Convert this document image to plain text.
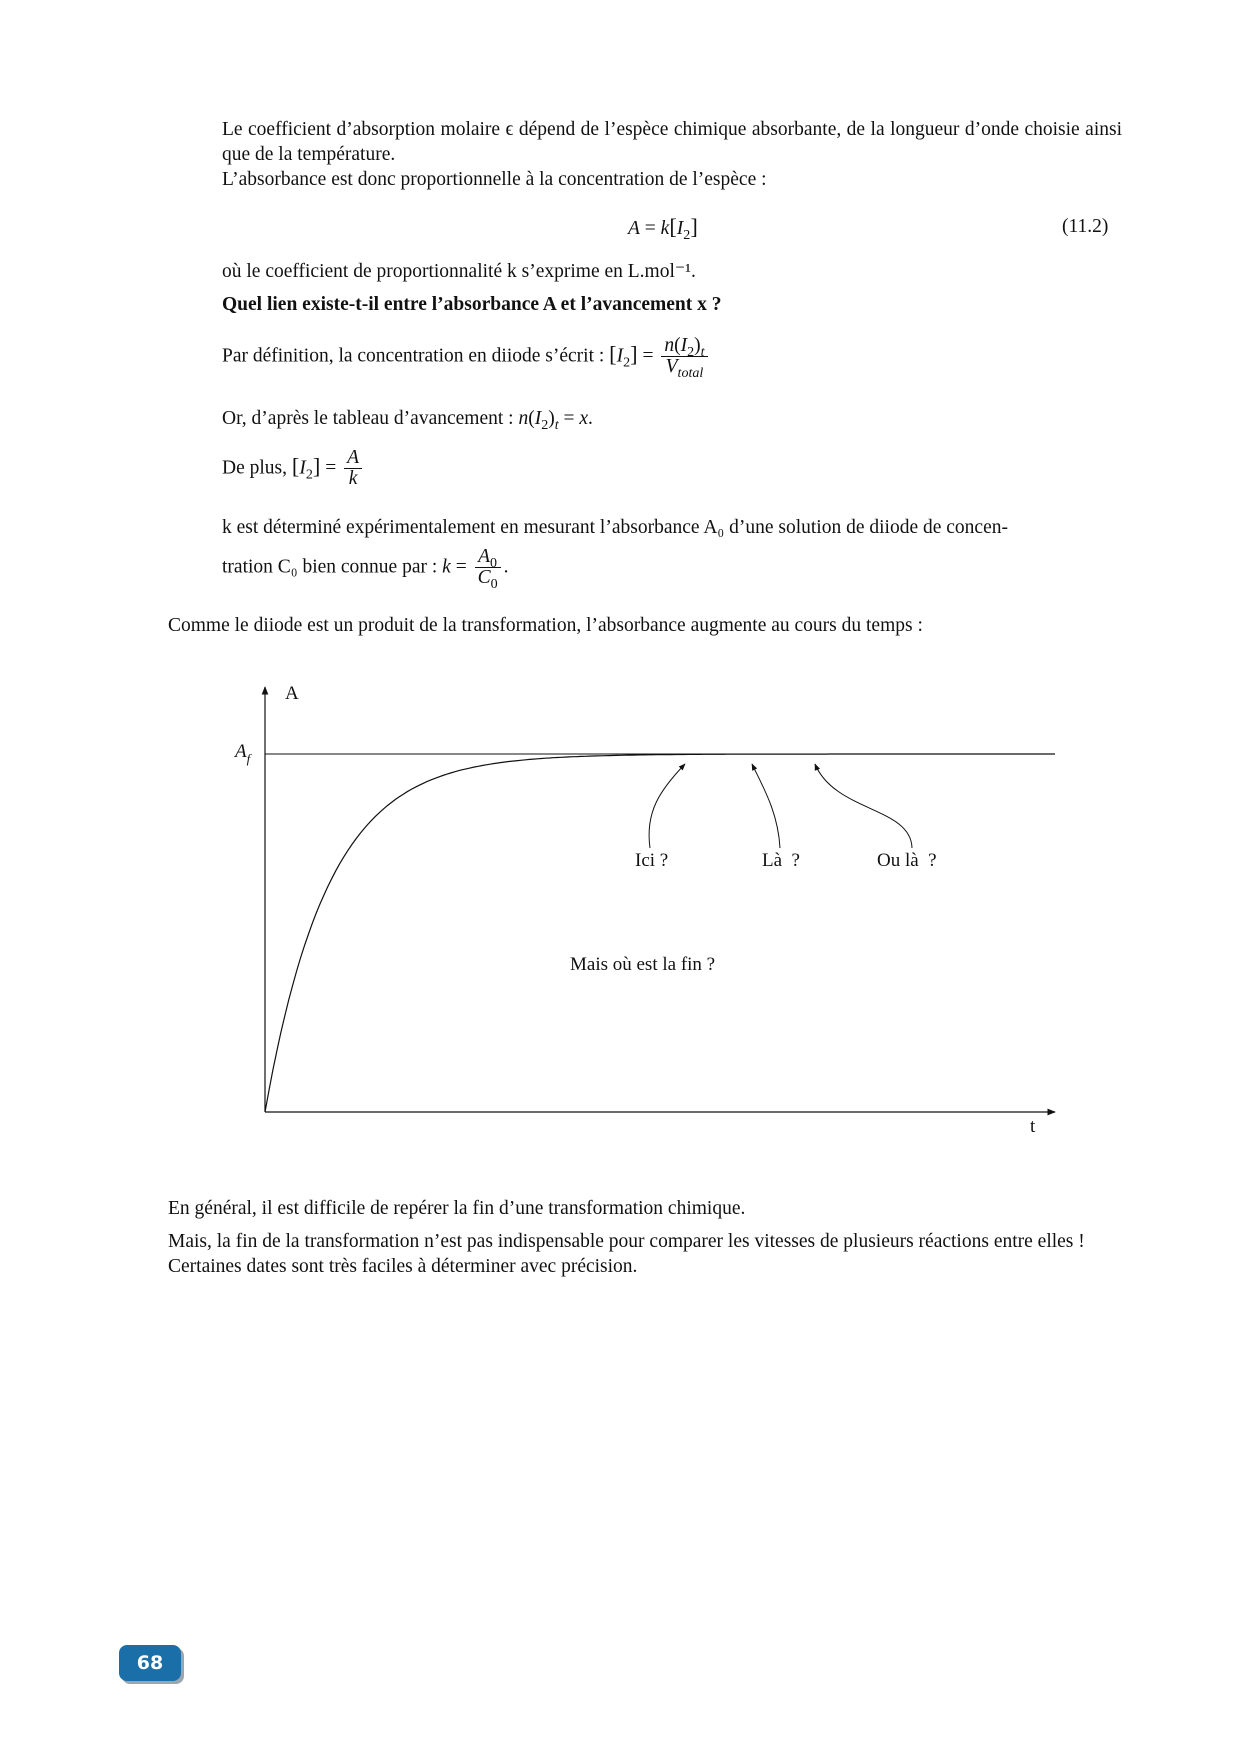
Le coefficient d’absorption molaire ϵ dépend de l’espèce chimique absorbante, de la longueur d’onde choisie ainsi que de la température.
L’absorbance est donc proportionnelle à la concentration de l’espèce :
$A = k[I_2]$	(11.2)
où le coefficient de proportionnalité k s’exprime en L.mol⁻¹.
Quel lien existe-t-il entre l’absorbance A et l’avancement x ?
Par définition, la concentration en diiode s’écrit : $[I_2] = \frac{n(I_2)_t}{V_{total}}$
Or, d’après le tableau d’avancement : $n(I_2)_t = x$.
De plus, $[I_2] = \frac{A}{k}$
k est déterminé expérimentalement en mesurant l’absorbance A₀ d’une solution de diiode de concen-
tration C₀ bien connue par : $k = \frac{A_0}{C_0}$ .
Comme le diiode est un produit de la transformation, l’absorbance augmente au cours du temps :
A
t
$A_f$
Ici ?	Là  ?	Ou là  ?
Mais où est la fin ?
En général, il est difficile de repérer la fin d’une transformation chimique.
Mais, la fin de la transformation n’est pas indispensable pour comparer les vitesses de plusieurs réactions entre elles ! Certaines dates sont très faciles à déterminer avec précision.
68
